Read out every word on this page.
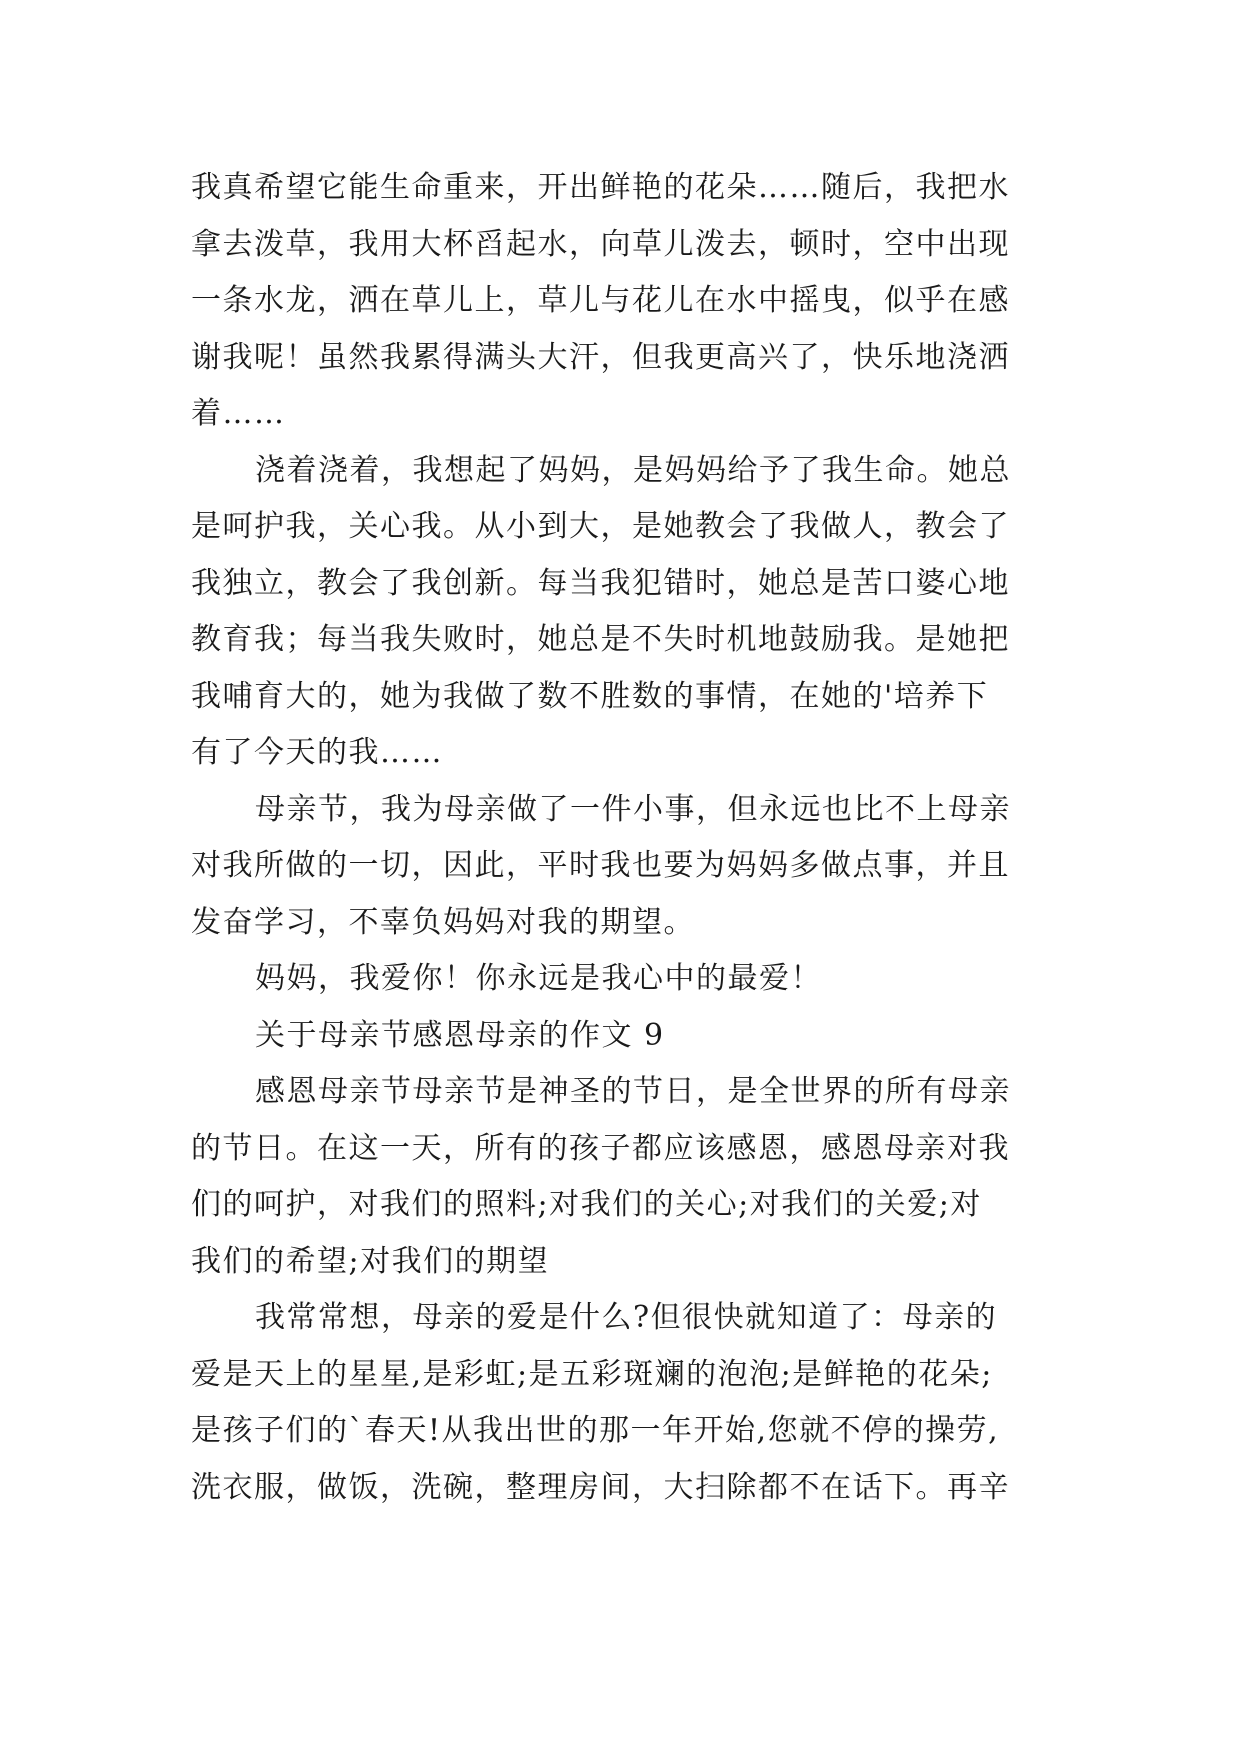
我真希望它能生命重来，开出鲜艳的花朵……随后，我把水
拿去泼草，我用大杯舀起水，向草儿泼去，顿时，空中出现
一条水龙，洒在草儿上，草儿与花儿在水中摇曳，似乎在感
谢我呢！虽然我累得满头大汗，但我更高兴了，快乐地浇洒
着……
浇着浇着，我想起了妈妈，是妈妈给予了我生命。她总
是呵护我，关心我。从小到大，是她教会了我做人，教会了
我独立，教会了我创新。每当我犯错时，她总是苦口婆心地
教育我；每当我失败时，她总是不失时机地鼓励我。是她把
我哺育大的，她为我做了数不胜数的事情，在她的'培养下
有了今天的我……
母亲节，我为母亲做了一件小事，但永远也比不上母亲
对我所做的一切，因此，平时我也要为妈妈多做点事，并且
发奋学习，不辜负妈妈对我的期望。
妈妈，我爱你！你永远是我心中的最爱！
关于母亲节感恩母亲的作文 9
感恩母亲节母亲节是神圣的节日，是全世界的所有母亲
的节日。在这一天，所有的孩子都应该感恩，感恩母亲对我
们的呵护，对我们的照料;对我们的关心;对我们的关爱;对
我们的希望;对我们的期望
我常常想，母亲的爱是什么?但很快就知道了：母亲的
爱是天上的星星,是彩虹;是五彩斑斓的泡泡;是鲜艳的花朵;
是孩子们的`春天!从我出世的那一年开始,您就不停的操劳,
洗衣服，做饭，洗碗，整理房间，大扫除都不在话下。再辛
